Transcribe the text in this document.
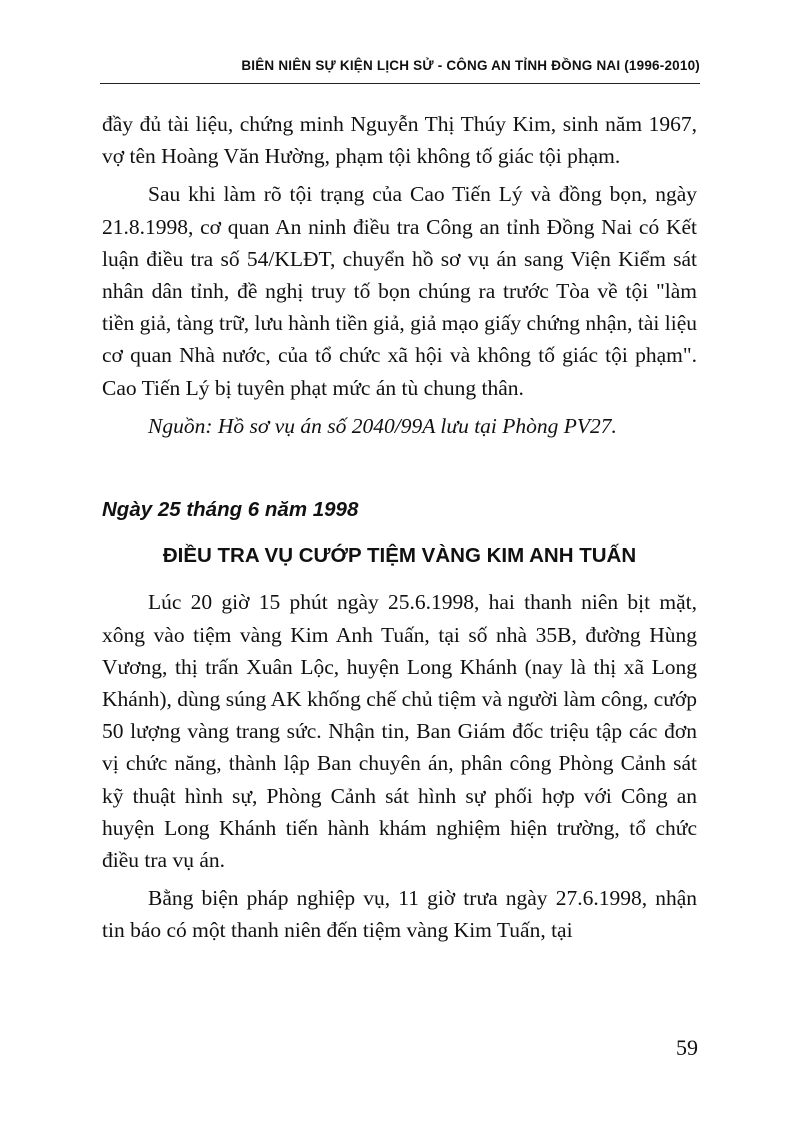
BIÊN NIÊN SỰ KIỆN LỊCH SỬ - CÔNG AN TỈNH ĐỒNG NAI (1996-2010)

đầy đủ tài liệu, chứng minh Nguyễn Thị Thúy Kim, sinh năm 1967, vợ tên Hoàng Văn Hường, phạm tội không tố giác tội phạm.

Sau khi làm rõ tội trạng của Cao Tiến Lý và đồng bọn, ngày 21.8.1998, cơ quan An ninh điều tra Công an tỉnh Đồng Nai có Kết luận điều tra số 54/KLĐT, chuyển hồ sơ vụ án sang Viện Kiểm sát nhân dân tỉnh, đề nghị truy tố bọn chúng ra trước Tòa về tội "làm tiền giả, tàng trữ, lưu hành tiền giả, giả mạo giấy chứng nhận, tài liệu cơ quan Nhà nước, của tổ chức xã hội và không tố giác tội phạm". Cao Tiến Lý bị tuyên phạt mức án tù chung thân.

Nguồn: Hồ sơ vụ án số 2040/99A lưu tại Phòng PV27.

Ngày 25 tháng 6 năm 1998

ĐIỀU TRA VỤ CƯỚP TIỆM VÀNG KIM ANH TUẤN

Lúc 20 giờ 15 phút ngày 25.6.1998, hai thanh niên bịt mặt, xông vào tiệm vàng Kim Anh Tuấn, tại số nhà 35B, đường Hùng Vương, thị trấn Xuân Lộc, huyện Long Khánh (nay là thị xã Long Khánh), dùng súng AK khống chế chủ tiệm và người làm công, cướp 50 lượng vàng trang sức. Nhận tin, Ban Giám đốc triệu tập các đơn vị chức năng, thành lập Ban chuyên án, phân công Phòng Cảnh sát kỹ thuật hình sự, Phòng Cảnh sát hình sự phối hợp với Công an huyện Long Khánh tiến hành khám nghiệm hiện trường, tổ chức điều tra vụ án.

Bằng biện pháp nghiệp vụ, 11 giờ trưa ngày 27.6.1998, nhận tin báo có một thanh niên đến tiệm vàng Kim Tuấn, tại

59
